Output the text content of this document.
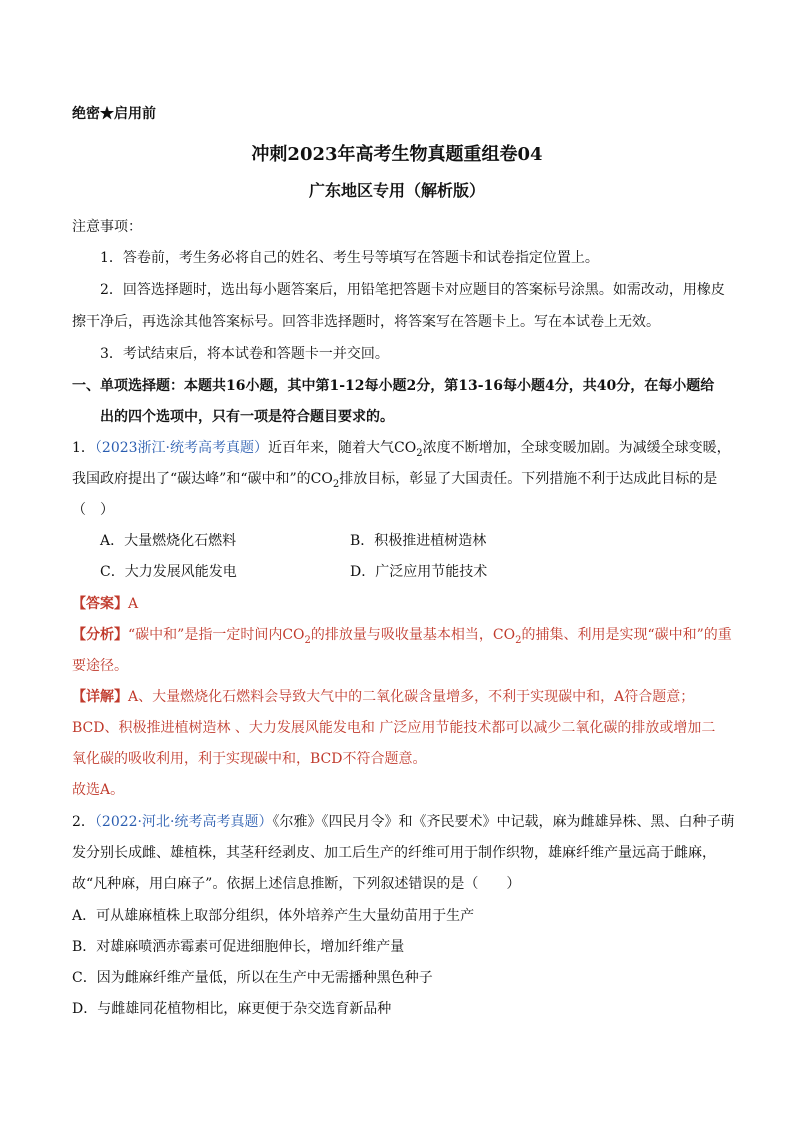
绝密★启用前
冲刺2023年高考生物真题重组卷04
广东地区专用（解析版）
注意事项：
1．答卷前，考生务必将自己的姓名、考生号等填写在答题卡和试卷指定位置上。
2．回答选择题时，选出每小题答案后，用铅笔把答题卡对应题目的答案标号涂黑。如需改动，用橡皮
擦干净后，再选涂其他答案标号。回答非选择题时，将答案写在答题卡上。写在本试卷上无效。
3．考试结束后，将本试卷和答题卡一并交回。
一、单项选择题：本题共16小题，其中第1-12每小题2分，第13-16每小题4分，共40分，在每小题给
出的四个选项中，只有一项是符合题目要求的。
1．（2023浙江·统考高考真题）近百年来，随着大气$CO_2$浓度不断增加，全球变暖加剧。为减缓全球变暖，
我国政府提出了“碳达峰”和“碳中和”的$CO_2$排放目标，彰显了大国责任。下列措施不利于达成此目标的是
（　）
A．大量燃烧化石燃料	B．积极推进植树造林
C．大力发展风能发电	D．广泛应用节能技术
【答案】A
【分析】“碳中和”是指一定时间内$CO_2$的排放量与吸收量基本相当，$CO_2$的捕集、利用是实现“碳中和”的重
要途径。
【详解】A、大量燃烧化石燃料会导致大气中的二氧化碳含量增多，不利于实现碳中和，A符合题意；
BCD、积极推进植树造林 、大力发展风能发电和 广泛应用节能技术都可以减少二氧化碳的排放或增加二
氧化碳的吸收利用，利于实现碳中和，BCD不符合题意。
故选A。
2．（2022·河北·统考高考真题）《尔雅》《四民月令》和《齐民要术》中记载，麻为雌雄异株、黑、白种子萌
发分别长成雌、雄植株，其茎秆经剥皮、加工后生产的纤维可用于制作织物，雄麻纤维产量远高于雌麻，
故“凡种麻，用白麻子”。依据上述信息推断，下列叙述错误的是（　　）
A．可从雄麻植株上取部分组织，体外培养产生大量幼苗用于生产
B．对雄麻喷洒赤霉素可促进细胞伸长，增加纤维产量
C．因为雌麻纤维产量低，所以在生产中无需播种黑色种子
D．与雌雄同花植物相比，麻更便于杂交选育新品种
